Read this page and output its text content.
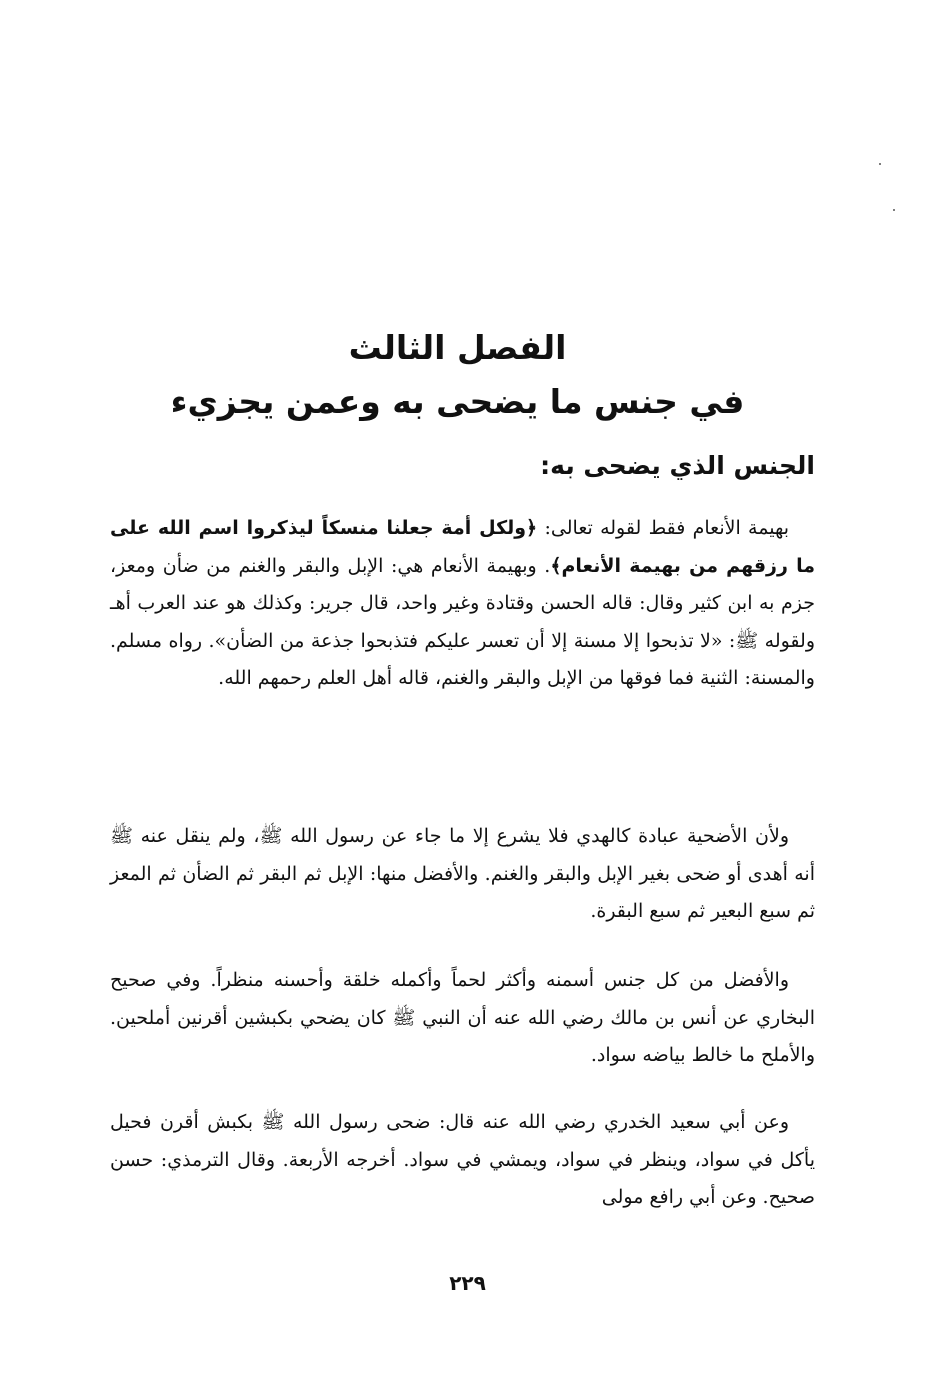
الفصل الثالث
في جنس ما يضحى به وعمن يجزيء
الجنس الذي يضحى به:

بهيمة الأنعام فقط لقوله تعالى: ﴿ولكل أمة جعلنا منسكاً ليذكروا اسم الله على ما رزقهم من بهيمة الأنعام﴾. وبهيمة الأنعام هي: الإبل والبقر والغنم من ضأن ومعز، جزم به ابن كثير وقال: قاله الحسن وقتادة وغير واحد، قال جرير: وكذلك هو عند العرب أهـ ولقوله ﷺ: «لا تذبحوا إلا مسنة إلا أن تعسر عليكم فتذبحوا جذعة من الضأن». رواه مسلم. والمسنة: الثنية فما فوقها من الإبل والبقر والغنم، قاله أهل العلم رحمهم الله.

ولأن الأضحية عبادة كالهدي فلا يشرع إلا ما جاء عن رسول الله ﷺ، ولم ينقل عنه ﷺ أنه أهدى أو ضحى بغير الإبل والبقر والغنم. والأفضل منها: الإبل ثم البقر ثم الضأن ثم المعز ثم سبع البعير ثم سبع البقرة.

والأفضل من كل جنس أسمنه وأكثر لحماً وأكمله خلقة وأحسنه منظراً. وفي صحيح البخاري عن أنس بن مالك رضي الله عنه أن النبي ﷺ كان يضحي بكبشين أقرنين أملحين. والأملح ما خالط بياضه سواد.

وعن أبي سعيد الخدري رضي الله عنه قال: ضحى رسول الله ﷺ بكبش أقرن فحيل يأكل في سواد، وينظر في سواد، ويمشي في سواد. أخرجه الأربعة. وقال الترمذي: حسن صحيح. وعن أبي رافع مولى

٢٢٩
